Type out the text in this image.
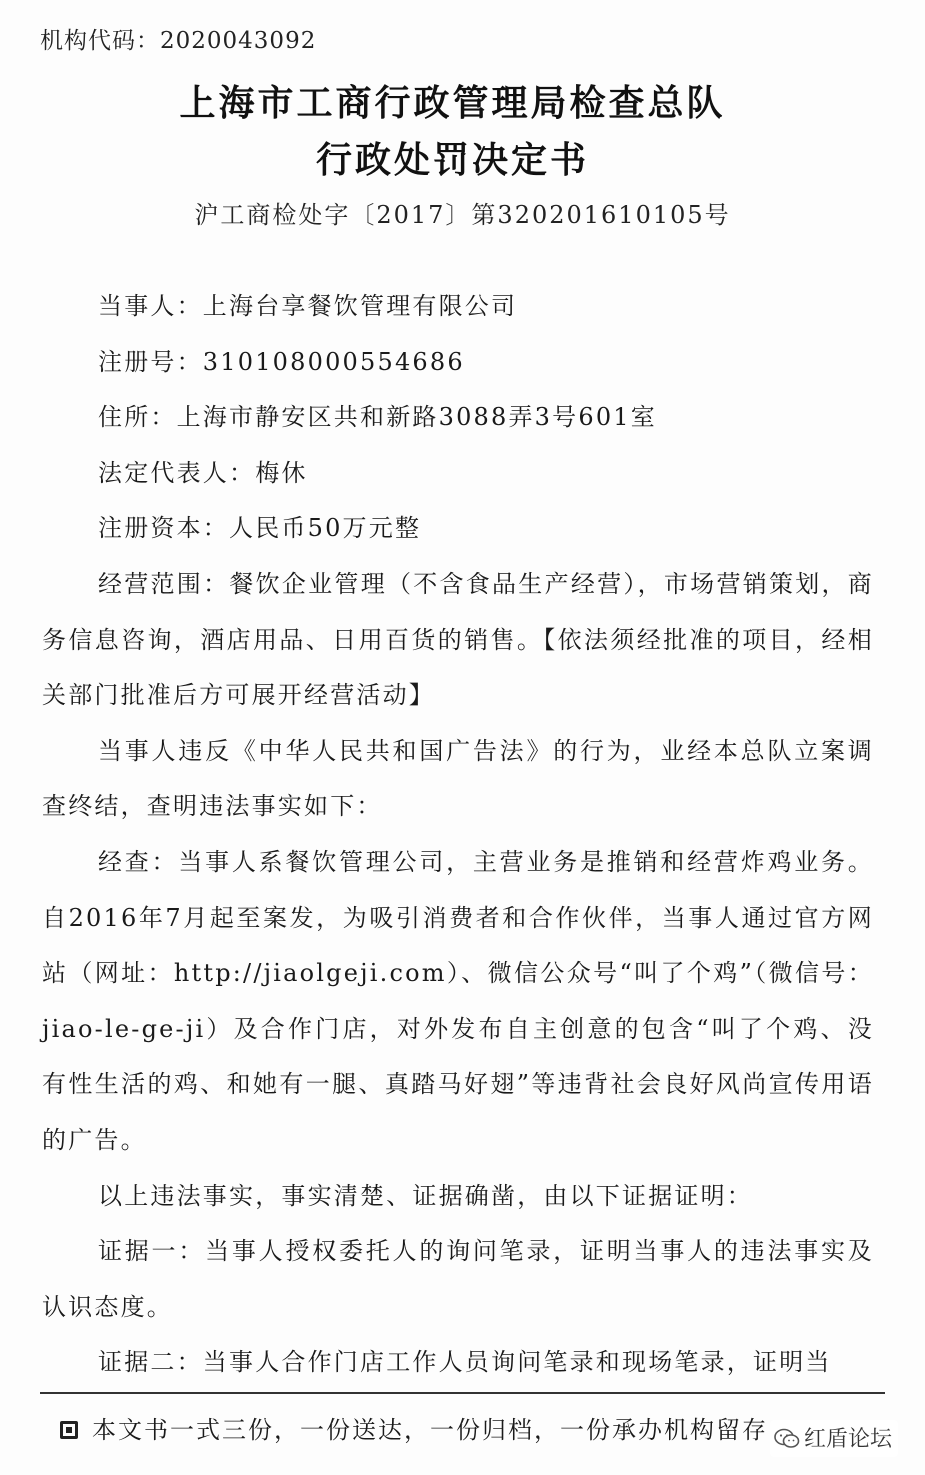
机构代码：2020043092
上海市工商行政管理局检查总队
行政处罚决定书
沪工商检处字〔2017〕第320201610105号

当事人：上海台享餐饮管理有限公司

注册号：310108000554686

住所：上海市静安区共和新路3088弄3号601室

法定代表人：梅休

注册资本：人民币50万元整

经营范围：餐饮企业管理（不含食品生产经营），市场营销策划，商务信息咨询，酒店用品、日用百货的销售。【依法须经批准的项目，经相关部门批准后方可展开经营活动】

当事人违反《中华人民共和国广告法》的行为，业经本总队立案调查终结，查明违法事实如下：

经查：当事人系餐饮管理公司，主营业务是推销和经营炸鸡业务。自2016年7月起至案发，为吸引消费者和合作伙伴，当事人通过官方网站（网址：http://jiaolgeji.com）、微信公众号“叫了个鸡”（微信号：jiao-le-ge-ji）及合作门店，对外发布自主创意的包含“叫了个鸡、没有性生活的鸡、和她有一腿、真踏马好翅”等违背社会良好风尚宣传用语的广告。

以上违法事实，事实清楚、证据确凿，由以下证据证明：

证据一：当事人授权委托人的询问笔录，证明当事人的违法事实及认识态度。

证据二：当事人合作门店工作人员询问笔录和现场笔录，证明当

本文书一式三份，一份送达，一份归档，一份承办机构留存	红盾论坛
